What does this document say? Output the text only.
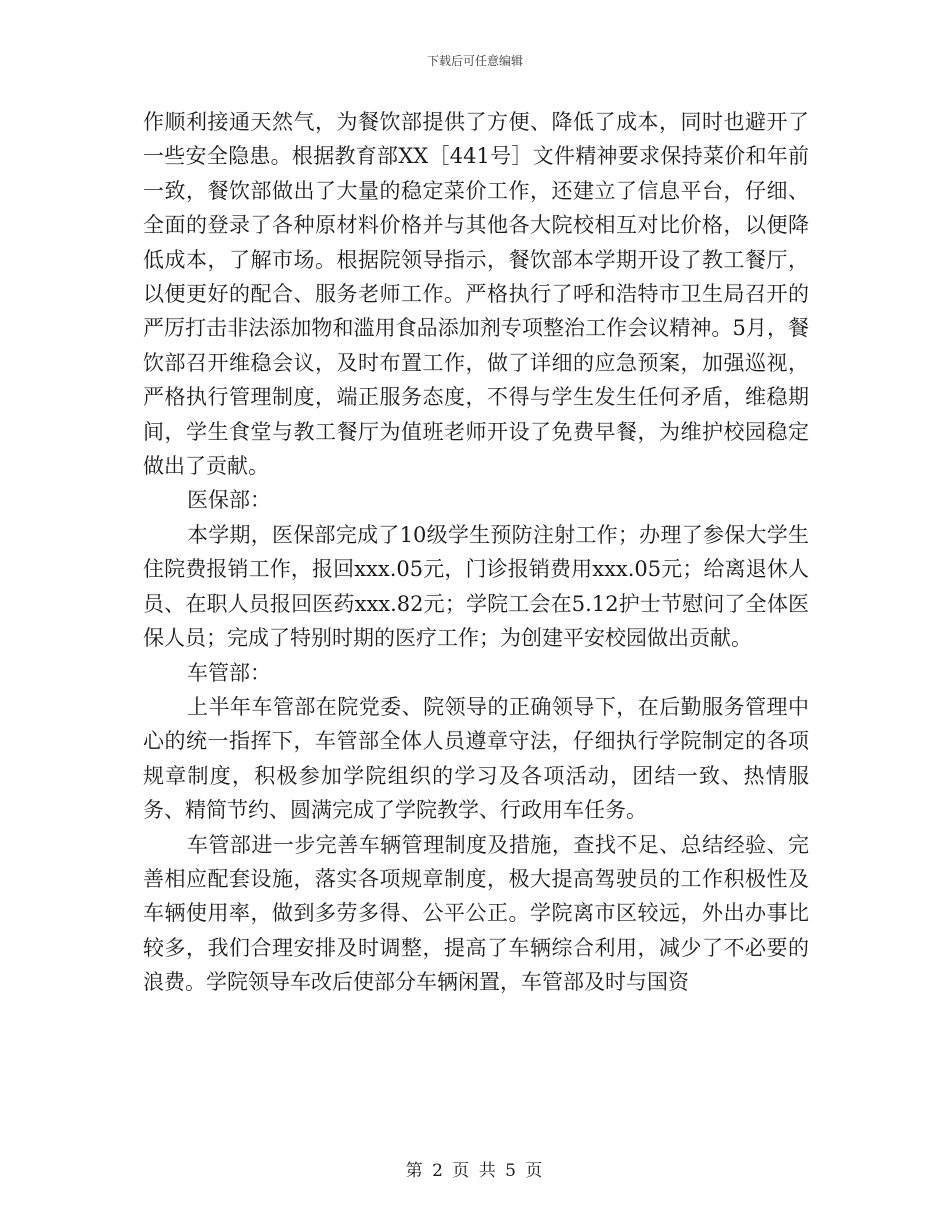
下载后可任意编辑

作顺利接通天然气，为餐饮部提供了方便、降低了成本，同时也避开了一些安全隐患。根据教育部XX［441号］文件精神要求保持菜价和年前一致，餐饮部做出了大量的稳定菜价工作，还建立了信息平台，仔细、全面的登录了各种原材料价格并与其他各大院校相互对比价格，以便降低成本，了解市场。根据院领导指示，餐饮部本学期开设了教工餐厅，以便更好的配合、服务老师工作。严格执行了呼和浩特市卫生局召开的严厉打击非法添加物和滥用食品添加剂专项整治工作会议精神。5月，餐饮部召开维稳会议，及时布置工作，做了详细的应急预案，加强巡视，严格执行管理制度，端正服务态度，不得与学生发生任何矛盾，维稳期间，学生食堂与教工餐厅为值班老师开设了免费早餐，为维护校园稳定做出了贡献。

医保部：

本学期，医保部完成了10级学生预防注射工作；办理了参保大学生住院费报销工作，报回xxx.05元，门诊报销费用xxx.05元；给离退休人员、在职人员报回医药xxx.82元；学院工会在5.12护士节慰问了全体医保人员；完成了特别时期的医疗工作；为创建平安校园做出贡献。

车管部：

上半年车管部在院党委、院领导的正确领导下，在后勤服务管理中心的统一指挥下，车管部全体人员遵章守法，仔细执行学院制定的各项规章制度，积极参加学院组织的学习及各项活动，团结一致、热情服务、精简节约、圆满完成了学院教学、行政用车任务。

车管部进一步完善车辆管理制度及措施，查找不足、总结经验、完善相应配套设施，落实各项规章制度，极大提高驾驶员的工作积极性及车辆使用率，做到多劳多得、公平公正。学院离市区较远，外出办事比较多，我们合理安排及时调整，提高了车辆综合利用，减少了不必要的浪费。学院领导车改后使部分车辆闲置，车管部及时与国资

第 2 页 共 5 页
